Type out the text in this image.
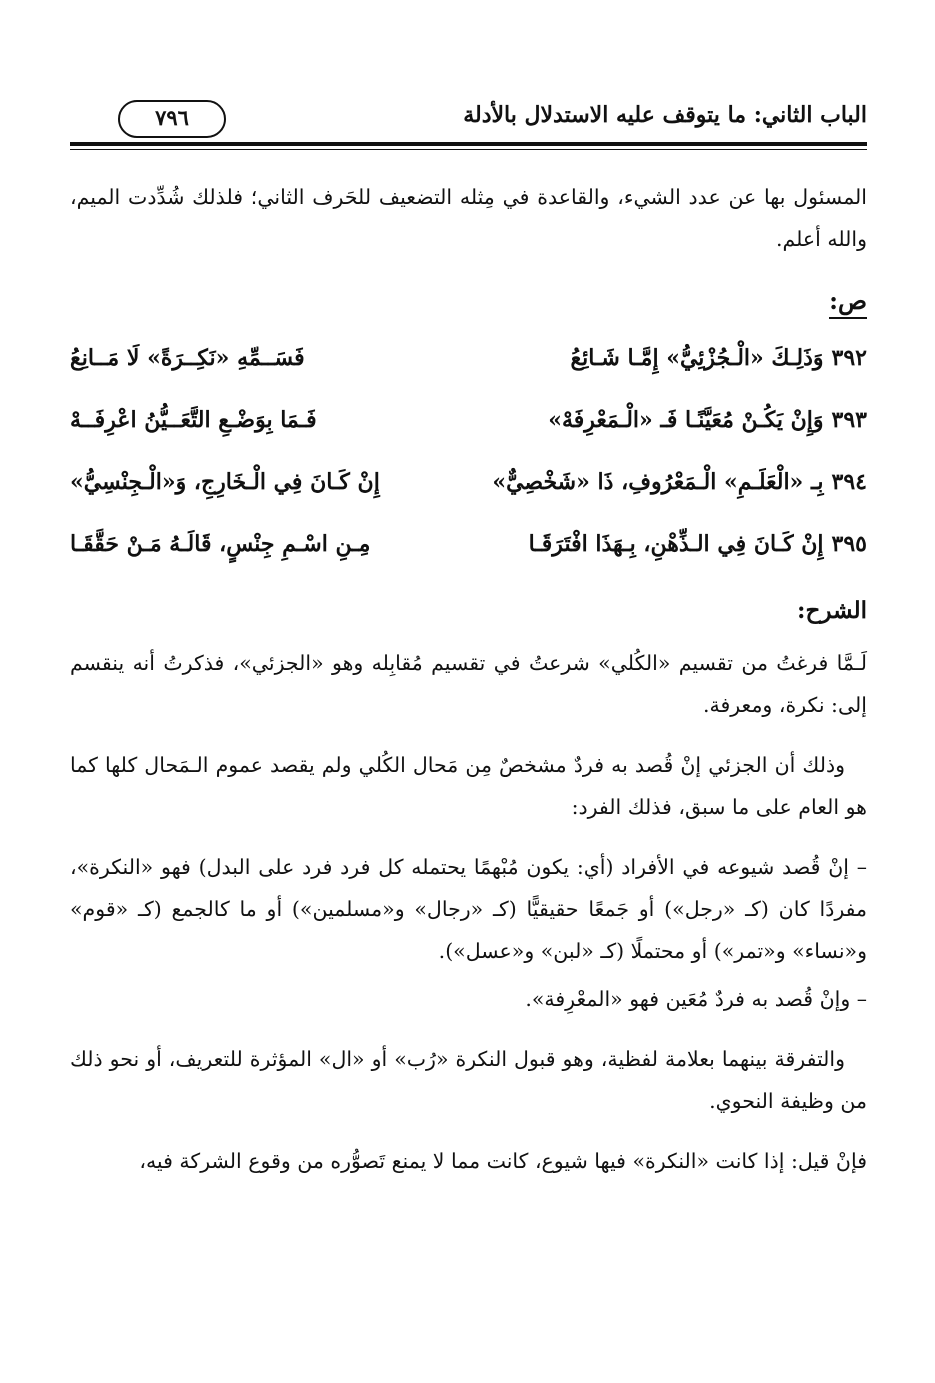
الباب الثاني: ما يتوقف عليه الاستدلال بالأدلة
٧٩٦

المسئول بها عن عدد الشيء، والقاعدة في مِثله التضعيف للحَرف الثاني؛ فلذلك شُدِّدت الميم، والله أعلم.

ص:

٣٩٢وَذَلِـكَ «الْـجُزْئِيُّ» إِمَّـا شَـائِعُ
فَسَــمِّهِ «نَكِــرَةً» لَا مَــانِعُ
٣٩٣وَإِنْ يَكُـنْ مُعَيَّنًـا فَـ «الْـمَعْرِفَهْ»
فَـمَا بِوَضْـعِ التَّعَــيُّنُ اعْرِفَــهْ
٣٩٤بِـ «الْعَلَـمِ» الْـمَعْرُوفِ، ذَا «شَخْصِيٌّ»
إِنْ كَـانَ فِي الْـخَارِجِ، وَ«الْـجِنْسِيُّ»
٣٩٥إِنْ كَـانَ فِي الـذِّهْنِ، بِـهَذَا افْتَرَقَـا
مِـنِ اسْـمِ جِنْسٍ، قَالَـهُ مَـنْ حَقَّقَـا

الشرح:

لَـمَّا فرغتُ من تقسيم «الكُلي» شرعتُ في تقسيم مُقابِله وهو «الجزئي»، فذكرتُ أنه ينقسم إلى: نكرة، ومعرفة.

وذلك أن الجزئي إنْ قُصد به فردٌ مشخصٌ مِن مَحال الكُلي ولم يقصد عموم الـمَحال كلها كما هو العام على ما سبق، فذلك الفرد:

– إنْ قُصد شيوعه في الأفراد (أي: يكون مُبْهمًا يحتمله كل فرد فرد على البدل) فهو «النكرة»، مفردًا كان (كـ «رجل») أو جَمعًا حقيقيًّا (كـ «رجال» و«مسلمين») أو ما كالجمع (كـ «قوم» و«نساء» و«تمر») أو محتملًا (كـ «لبن» و«عسل»).

– وإنْ قُصد به فردٌ مُعَين فهو «المعْرِفة».

والتفرقة بينهما بعلامة لفظية، وهو قبول النكرة «رُب» أو «ال» المؤثرة للتعريف، أو نحو ذلك من وظيفة النحوي.

فإنْ قيل: إذا كانت «النكرة» فيها شيوع، كانت مما لا يمنع تَصوُّره من وقوع الشركة فيه،
